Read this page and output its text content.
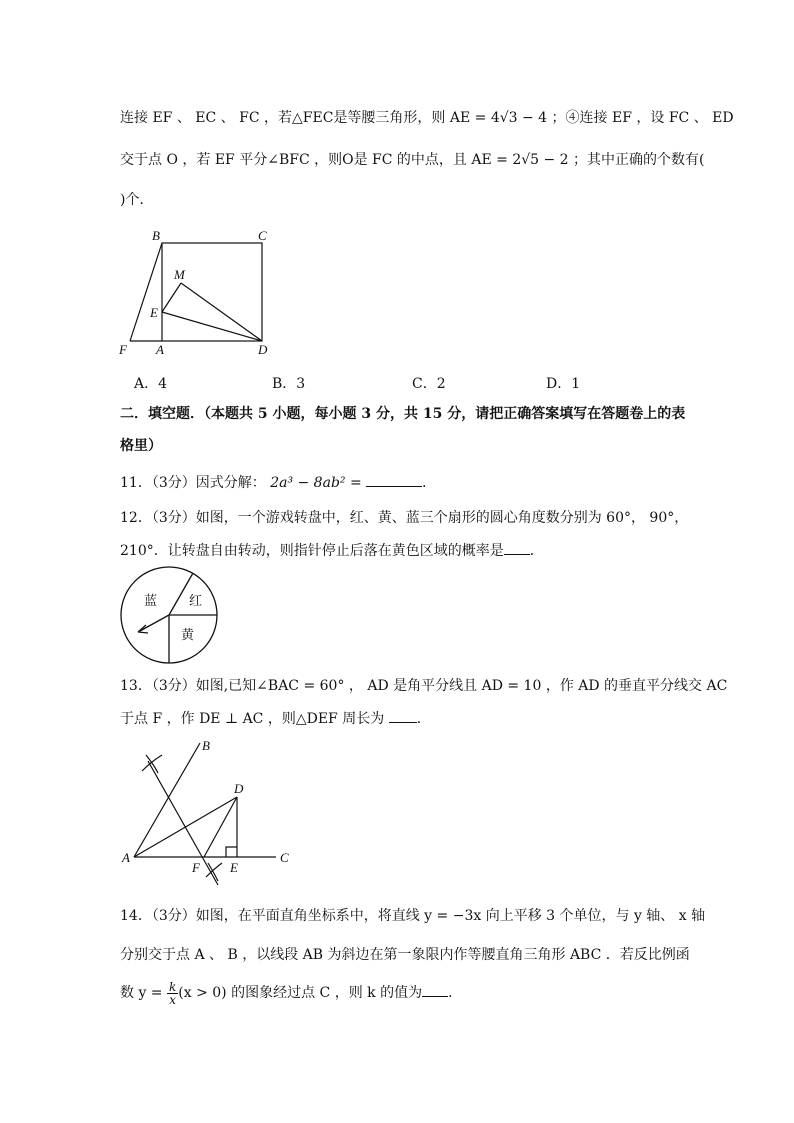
连接 EF 、 EC 、 FC ，若△FEC是等腰三角形，则 AE = 4√3 − 4 ；④连接 EF ，设 FC 、 ED
交于点 O ，若 EF 平分∠BFC ，则O是 FC 的中点，且 AE = 2√5 − 2 ；其中正确的个数有(
)个．
B	C
M
E
F A	D
A．4	B．3	C．2	D．1
二．填空题．（本题共 5 小题，每小题 3 分，共 15 分，请把正确答案填写在答题卷上的表
格里）
11．（3分）因式分解： 2a³ − 8ab² =	．
12．（3分）如图，一个游戏转盘中，红、黄、蓝三个扇形的圆心角度数分别为 60°， 90°，
210°．让转盘自由转动，则指针停止后落在黄色区域的概率是 ．
蓝 红
黄
13．（3分）如图,已知∠BAC = 60° ， AD 是角平分线且 AD = 10 ，作 AD 的垂直平分线交 AC
于点 F ，作 DE ⊥ AC ，则△DEF 周长为 ．
B
D
A
F E
C
14．（3分）如图，在平面直角坐标系中，将直线 y = −3x 向上平移 3 个单位，与 y 轴、 x 轴
分别交于点 A 、 B ，以线段 AB 为斜边在第一象限内作等腰直角三角形 ABC ．若反比例函
数 $y = \frac{k}{x} (x > 0)$ 的图象经过点 C ，则 k 的值为 ．
